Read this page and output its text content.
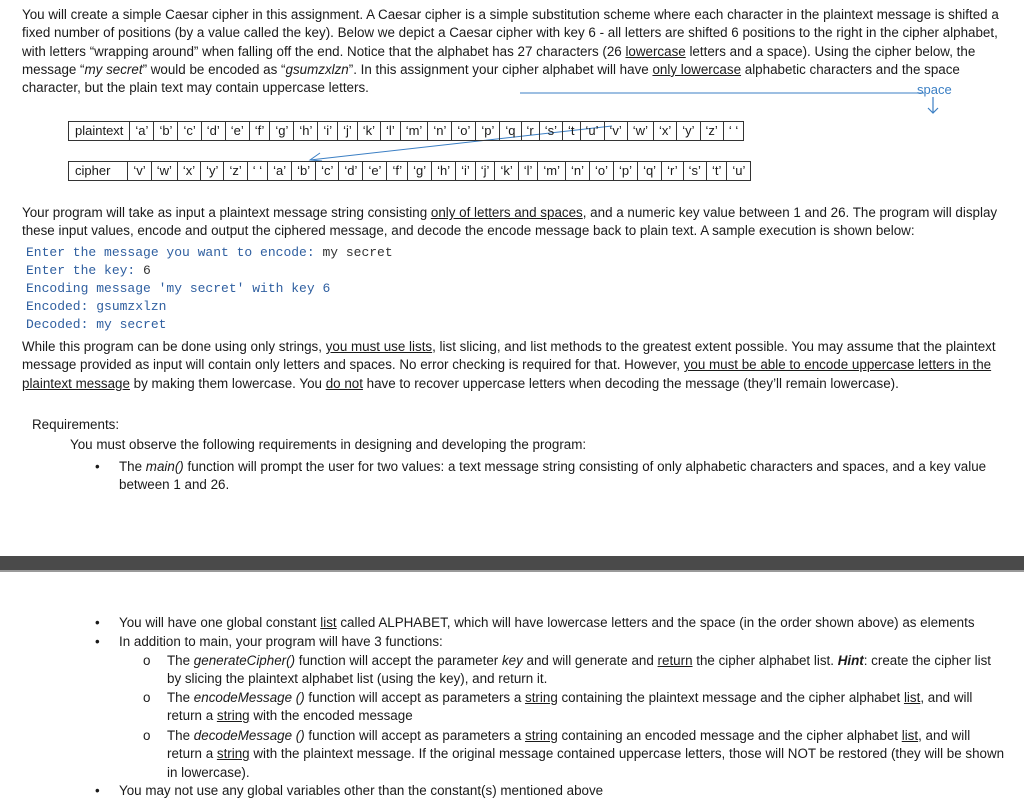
You will create a simple Caesar cipher in this assignment. A Caesar cipher is a simple substitution scheme where each character in the plaintext message is shifted a fixed number of positions (by a value called the key). Below we depict a Caesar cipher with key 6 - all letters are shifted 6 positions to the right in the cipher alphabet, with letters “wrapping around” when falling off the end. Notice that the alphabet has 27 characters (26 lowercase letters and a space). Using the cipher below, the message “my secret” would be encoded as “gsumzxlzn”. In this assignment your cipher alphabet will have only lowercase alphabetic characters and the space character, but the plain text may contain uppercase letters.	space
plaintext ‘a’ ‘b’ ‘c’ ‘d’ ‘e’ ‘f’ ‘g’ ‘h’ ‘i’ ‘j’ ‘k’ ‘l’ ‘m’ ‘n’ ‘o’ ‘p’ ‘q ‘r ‘s’ ‘t ‘u’ ‘v’ ‘w’ ‘x’ ‘y’ ‘z’ ‘ ‘
cipher	‘v’ ‘w’ ‘x’ ‘y’ ‘z’ ‘ ‘ ‘a’ ‘b’ ‘c’ ‘d’ ‘e’ ‘f’ ‘g’ ‘h’ ‘i’ ‘j’ ‘k’ ‘l’ ‘m’ ‘n’ ‘o’ ‘p’ ‘q’ ‘r’ ‘s’ ‘t’ ‘u’

Your program will take as input a plaintext message string consisting only of letters and spaces, and a numeric key value between 1 and 26. The program will display these input values, encode and output the ciphered message, and decode the encode message back to plain text. A sample execution is shown below:

Enter the message you want to encode: my secret
Enter the key: 6
Encoding message 'my secret' with key 6
Encoded: gsumzxlzn
Decoded: my secret

While this program can be done using only strings, you must use lists, list slicing, and list methods to the greatest extent possible. You may assume that the plaintext message provided as input will contain only letters and spaces. No error checking is required for that. However, you must be able to encode uppercase letters in the plaintext message by making them lowercase. You do not have to recover uppercase letters when decoding the message (they’ll remain lowercase).

Requirements:
You must observe the following requirements in designing and developing the program:
• The main() function will prompt the user for two values: a text message string consisting of only alphabetic characters and spaces, and a key value between 1 and 26.
• You will have one global constant list called ALPHABET, which will have lowercase letters and the space (in the order shown above) as elements
• In addition to main, your program will have 3 functions:
o The generateCipher() function will accept the parameter key and will generate and return the cipher alphabet list. Hint: create the cipher list by slicing the plaintext alphabet list (using the key), and return it.
o The encodeMessage () function will accept as parameters a string containing the plaintext message and the cipher alphabet list, and will return a string with the encoded message
o The decodeMessage () function will accept as parameters a string containing an encoded message and the cipher alphabet list, and will return a string with the plaintext message. If the original message contained uppercase letters, those will NOT be restored (they will be shown in lowercase).
• You may not use any global variables other than the constant(s) mentioned above
